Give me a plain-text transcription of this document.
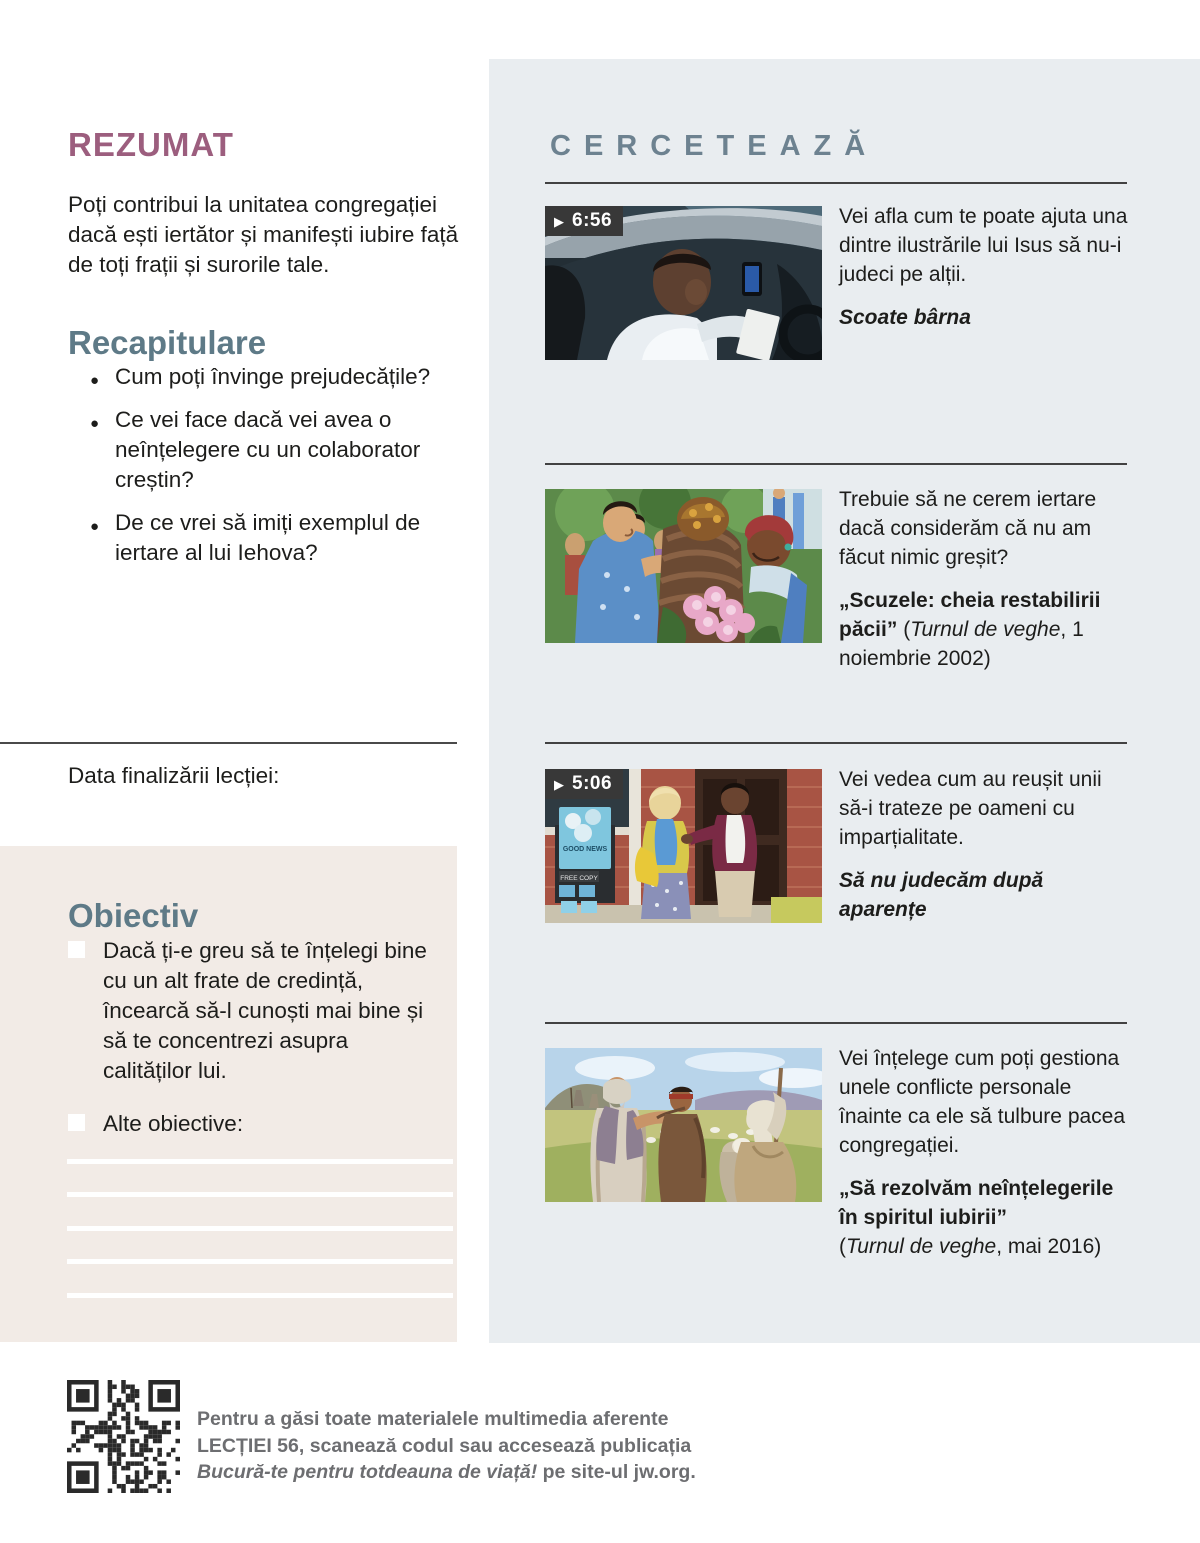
REZUMAT

Poți contribui la unitatea congregației dacă ești iertător și manifești iubire față de toți frații și surorile tale.

Recapitulare
● Cum poți învinge prejudecățile?
● Ce vei face dacă vei avea o neînțelegere cu un colaborator creștin?
● De ce vrei să imiți exemplul de iertare al lui Iehova?
Data finalizării lecției:
Obiectiv
Dacă ți-e greu să te înțelegi bine cu un alt frate de credință, încearcă să-l cunoști mai bine și să te concentrezi asupra calităților lui.
Alte obiective:
CERCETEAZĂ
▶ 6:56	Vei afla cum te poate ajuta una dintre ilustrările lui Isus să nu-i judeci pe alții.
Scoate bârna
Trebuie să ne cerem iertare dacă considerăm că nu am făcut nimic greșit?
„Scuzele: cheia restabilirii păcii” (Turnul de veghe, 1 noiembrie 2002)
GOOD NEWS
FREE COPY
▶ 5:06	Vei vedea cum au reușit unii să-i trateze pe oameni cu imparțialitate.
Să nu judecăm după aparențe
Vei înțelege cum poți gestiona unele conflicte personale înainte ca ele să tulbure pacea congregației.
„Să rezolvăm neînțelegerile în spiritul iubirii”
(Turnul de veghe, mai 2016)
Pentru a găsi toate materialele multimedia aferente
LECȚIEI 56, scanează codul sau accesează publicația
Bucură-te pentru totdeauna de viață! pe site-ul jw.org.
